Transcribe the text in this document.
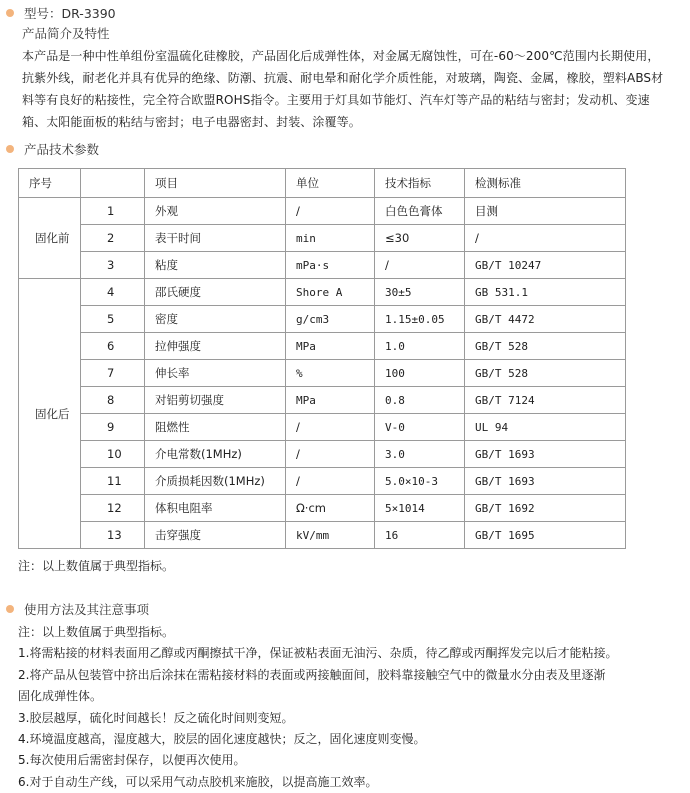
型号：DR-3390
产品简介及特性
本产品是一种中性单组份室温硫化硅橡胶，产品固化后成弹性体，对金属无腐蚀性，可在-60～200℃范围内长期使用，
抗紫外线，耐老化并具有优异的绝缘、防潮、抗震、耐电晕和耐化学介质性能，对玻璃，陶瓷、金属，橡胶，塑料ABS材
料等有良好的粘接性，完全符合欧盟ROHS指令。主要用于灯具如节能灯、汽车灯等产品的粘结与密封；发动机、变速
箱、太阳能面板的粘结与密封；电子电器密封、封装、涂覆等。
产品技术参数
序号		项目	单位	技术指标	检测标准
固化前	1	外观	/	白色色膏体	目测
	2	表干时间	min	≤30	/
	3	粘度	mPa·s	/	GB/T 10247
固化后	4	邵氏硬度	Shore A	30±5	GB 531.1
	5	密度	g/cm3	1.15±0.05	GB/T 4472
	6	拉伸强度	MPa	1.0	GB/T 528
	7	伸长率	%	100	GB/T 528
	8	对铝剪切强度	MPa	0.8	GB/T 7124
	9	阻燃性	/	V-0	UL 94
	10	介电常数(1MHz)	/	3.0	GB/T 1693
	11	介质损耗因数(1MHz)	/	5.0×10-3	GB/T 1693
	12	体积电阻率	Ω·cm	5×1014	GB/T 1692
	13	击穿强度	kV/mm	16	GB/T 1695
注：以上数值属于典型指标。
使用方法及其注意事项
注：以上数值属于典型指标。
1.将需粘接的材料表面用乙醇或丙酮擦拭干净，保证被粘表面无油污、杂质，待乙醇或丙酮挥发完以后才能粘接。
2.将产品从包装管中挤出后涂抹在需粘接材料的表面或两接触面间，胶料靠接触空气中的微量水分由表及里逐渐
固化成弹性体。
3.胶层越厚，硫化时间越长！反之硫化时间则变短。
4.环境温度越高，湿度越大，胶层的固化速度越快；反之，固化速度则变慢。
5.每次使用后需密封保存，以便再次使用。
6.对于自动生产线，可以采用气动点胶机来施胶，以提高施工效率。
